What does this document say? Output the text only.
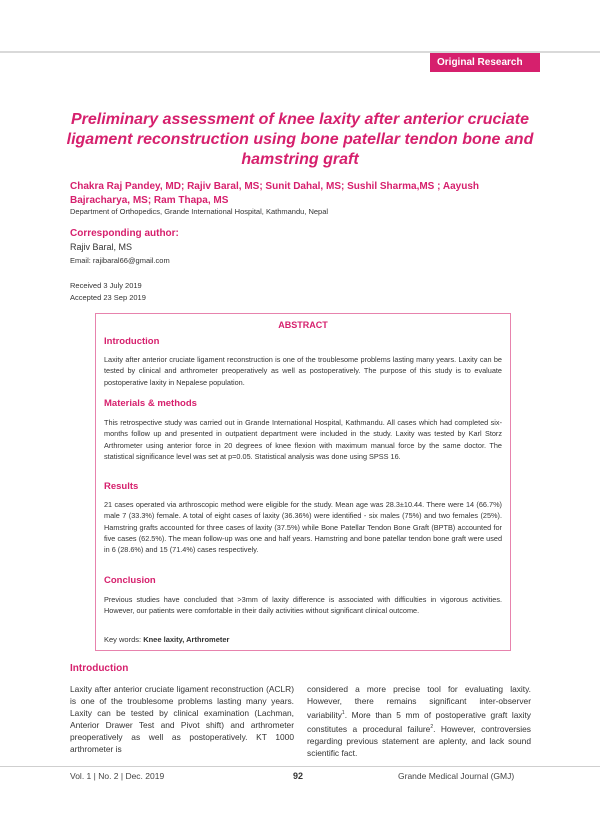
Original Research
Preliminary assessment of knee laxity after anterior cruciate ligament reconstruction using bone patellar tendon bone and hamstring graft
Chakra Raj Pandey, MD; Rajiv Baral, MS; Sunit Dahal, MS; Sushil Sharma,MS ; Aayush Bajracharya, MS; Ram Thapa, MS
Department of Orthopedics, Grande International Hospital, Kathmandu, Nepal
Corresponding author:
Rajiv Baral, MS
Email: rajibaral66@gmail.com
Received 3 July 2019
Accepted 23 Sep 2019
ABSTRACT
Introduction
Laxity after anterior cruciate ligament reconstruction is one of the troublesome problems lasting many years. Laxity can be tested by clinical and arthrometer preoperatively as well as postoperatively. The purpose of this study is to evaluate postoperative laxity in Nepalese population.
Materials & methods
This retrospective study was carried out in Grande International Hospital, Kathmandu. All cases which had completed six-months follow up and presented in outpatient department were included in the study. Laxity was tested by Karl Storz Arthrometer using anterior force in 20 degrees of knee flexion with maximum manual force by the same doctor. The statistical significance level was set at p=0.05. Statistical analysis was done using SPSS 16.
Results
21 cases operated via arthroscopic method were eligible for the study. Mean age was 28.3±10.44. There were 14 (66.7%) male 7 (33.3%) female. A total of eight cases of laxity (36.36%) were identified - six males (75%) and two females (25%). Hamstring grafts accounted for three cases of laxity (37.5%) while Bone Patellar Tendon Bone Graft (BPTB) accounted for five cases (62.5%). The mean follow-up was one and half years. Hamstring and bone patellar tendon bone graft were used in 6 (28.6%) and 15 (71.4%) cases respectively.
Conclusion
Previous studies have concluded that >3mm of laxity difference is associated with difficulties in vigorous activities. However, our patients were comfortable in their daily activities without significant clinical outcome.
Key words: Knee laxity, Arthrometer
Introduction
Laxity after anterior cruciate ligament reconstruction (ACLR) is one of the troublesome problems lasting many years. Laxity can be tested by clinical examination (Lachman, Anterior Drawer Test and Pivot shift) and arthrometer preoperatively as well as postoperatively. KT 1000 arthrometer is
considered a more precise tool for evaluating laxity. However, there remains significant inter-observer variability$^1$. More than 5 mm of postoperative graft laxity constitutes a procedural failure$^2$. However, controversies regarding previous statement are aplenty, and lack sound scientific fact.
Vol. 1 | No. 2 | Dec. 2019	92	Grande Medical Journal (GMJ)
